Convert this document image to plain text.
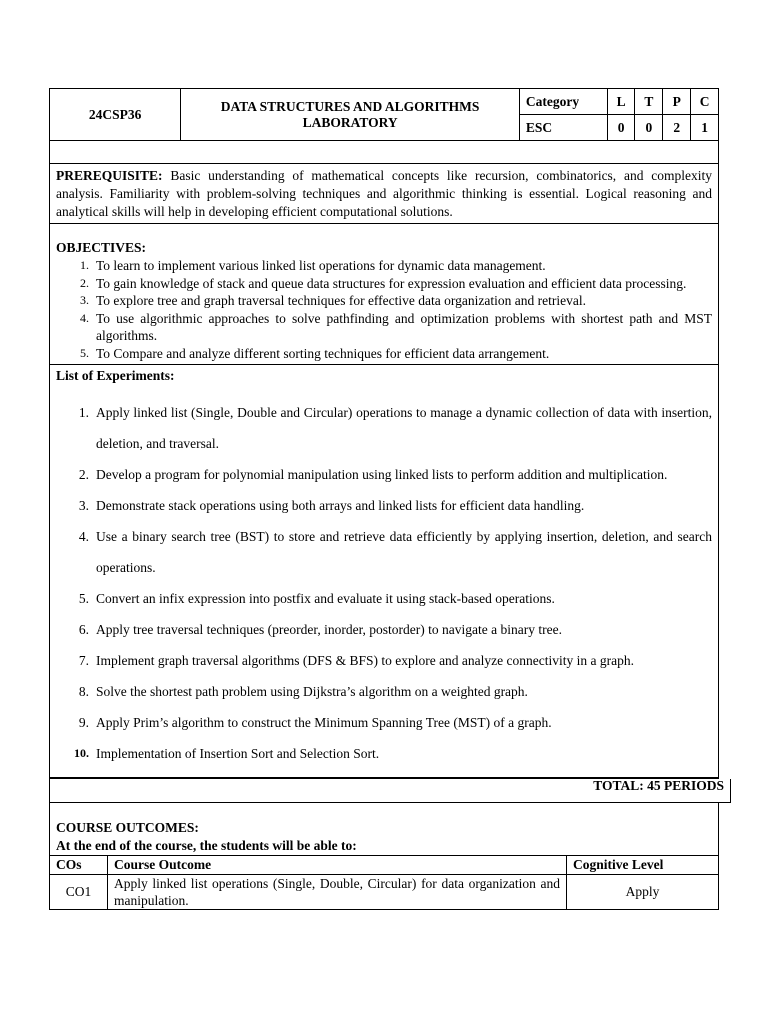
24CSP36	DATA STRUCTURES AND ALGORITHMS LABORATORY	Category	L	T	P	C
		ESC	0	0	2	1
PREREQUISITE: Basic understanding of mathematical concepts like recursion, combinatorics, and complexity analysis. Familiarity with problem-solving techniques and algorithmic thinking is essential. Logical reasoning and analytical skills will help in developing efficient computational solutions.
OBJECTIVES:
1. To learn to implement various linked list operations for dynamic data management.
2. To gain knowledge of stack and queue data structures for expression evaluation and efficient data processing.
3. To explore tree and graph traversal techniques for effective data organization and retrieval.
4. To use algorithmic approaches to solve pathfinding and optimization problems with shortest path and MST algorithms.
5. To Compare and analyze different sorting techniques for efficient data arrangement.
List of Experiments:
1. Apply linked list (Single, Double and Circular) operations to manage a dynamic collection of data with insertion, deletion, and traversal.
2. Develop a program for polynomial manipulation using linked lists to perform addition and multiplication.
3. Demonstrate stack operations using both arrays and linked lists for efficient data handling.
4. Use a binary search tree (BST) to store and retrieve data efficiently by applying insertion, deletion, and search operations.
5. Convert an infix expression into postfix and evaluate it using stack-based operations.
6. Apply tree traversal techniques (preorder, inorder, postorder) to navigate a binary tree.
7. Implement graph traversal algorithms (DFS & BFS) to explore and analyze connectivity in a graph.
8. Solve the shortest path problem using Dijkstra’s algorithm on a weighted graph.
9. Apply Prim’s algorithm to construct the Minimum Spanning Tree (MST) of a graph.
10. Implementation of Insertion Sort and Selection Sort.
TOTAL: 45 PERIODS
COURSE OUTCOMES:
At the end of the course, the students will be able to:
COs	Course Outcome	Cognitive Level
CO1	Apply linked list operations (Single, Double, Circular) for data organization and manipulation.	Apply
